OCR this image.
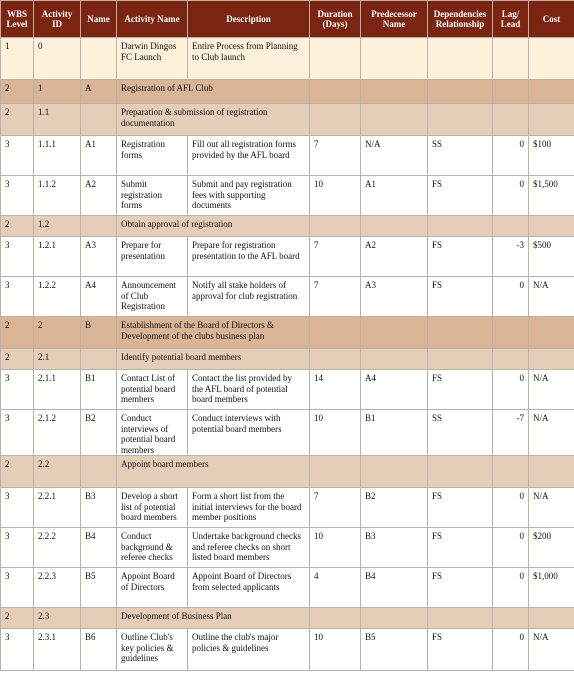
WBS Level	Activity ID	Name	Activity Name	Description	Duration (Days)	Predecessor Name	Dependencies Relationship	Lag/ Lead	Cost
1	0		Darwin Dingos FC Launch	Entire Process from Planning to Club launch					
2	1	A	Registration of AFL Club						
2	1.1		Preparation & submission of registration documentation						
3	1.1.1	A1	Registration forms	Fill out all registration forms provided by the AFL board	7	N/A	SS	0	$100
3	1.1.2	A2	Submit registration forms	Submit and pay registration fees with supporting documents	10	A1	FS	0	$1,500
2	1.2		Obtain approval of registration						
3	1.2.1	A3	Prepare for presentation	Prepare for registration presentation to the AFL board	7	A2	FS	-3	$500
3	1.2.2	A4	Announcement of Club Registration	Notify all stake holders of approval for club registration	7	A3	FS	0	N/A
2	2	B	Establishment of the Board of Directors & Development of the clubs business plan						
2	2.1		Identify potential board members						
3	2.1.1	B1	Contact List of potential board members	Contact the list provided by the AFL board of potential board members	14	A4	FS	0	N/A
3	2.1.2	B2	Conduct interviews of potential board members	Conduct interviews with potential board members	10	B1	SS	-7	N/A
2	2.2		Appoint board members						
3	2.2.1	B3	Develop a short list of potential board members	Form a short list from the initial interviews for the board member positions	7	B2	FS	0	N/A
3	2.2.2	B4	Conduct background & referee checks	Undertake background checks and referee checks on short listed board members	10	B3	FS	0	$200
3	2.2.3	B5	Appoint Board of Directors	Appoint Board of Directors from selected applicants	4	B4	FS	0	$1,000
2	2.3		Development of Business Plan						
3	2.3.1	B6	Outline Club's key policies & guidelines	Outline the club's major policies & guidelines	10	B5	FS	0	N/A
